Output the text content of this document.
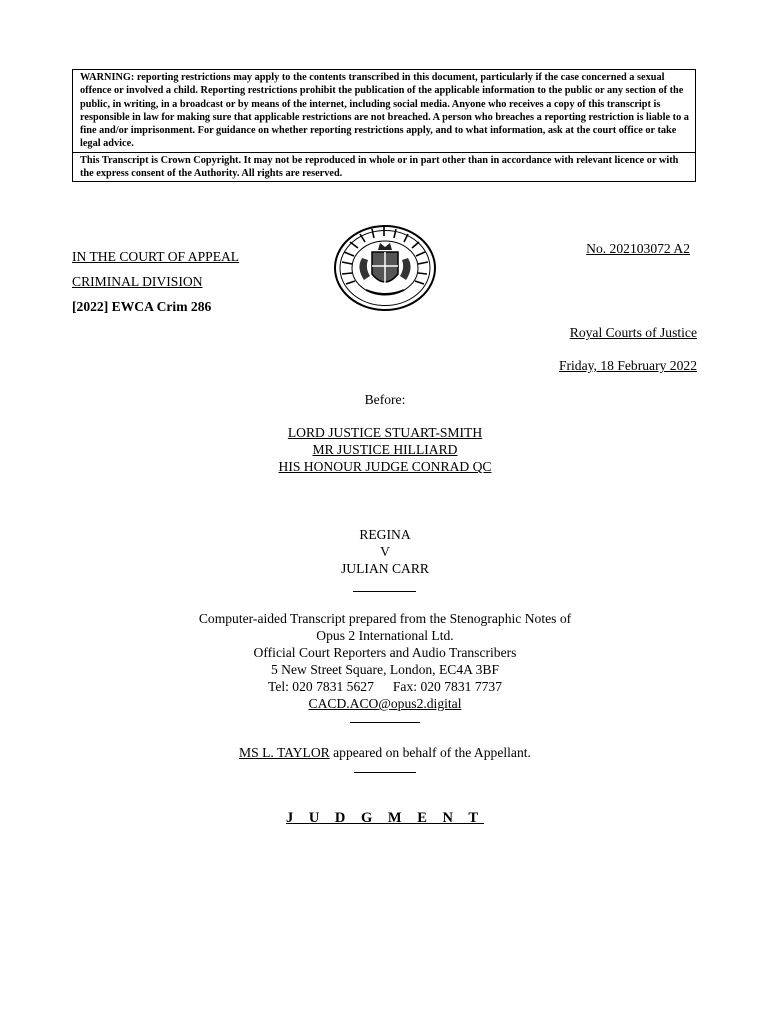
WARNING: reporting restrictions may apply to the contents transcribed in this document, particularly if the case concerned a sexual offence or involved a child. Reporting restrictions prohibit the publication of the applicable information to the public or any section of the public, in writing, in a broadcast or by means of the internet, including social media. Anyone who receives a copy of this transcript is responsible in law for making sure that applicable restrictions are not breached. A person who breaches a reporting restriction is liable to a fine and/or imprisonment. For guidance on whether reporting restrictions apply, and to what information, ask at the court office or take legal advice.
This Transcript is Crown Copyright. It may not be reproduced in whole or in part other than in accordance with relevant licence or with the express consent of the Authority. All rights are reserved.
IN THE COURT OF APPEAL
CRIMINAL DIVISION
[2022] EWCA Crim 286
No. 202103072 A2
Royal Courts of Justice
Friday, 18 February 2022
Before:
LORD JUSTICE STUART-SMITH
MR JUSTICE HILLIARD
HIS HONOUR JUDGE CONRAD QC
REGINA
V
JULIAN CARR
Computer-aided Transcript prepared from the Stenographic Notes of
Opus 2 International Ltd.
Official Court Reporters and Audio Transcribers
5 New Street Square, London, EC4A 3BF
Tel: 020 7831 5627 Fax: 020 7831 7737
CACD.ACO@opus2.digital
MS L. TAYLOR appeared on behalf of the Appellant.
J U D G M E N T
